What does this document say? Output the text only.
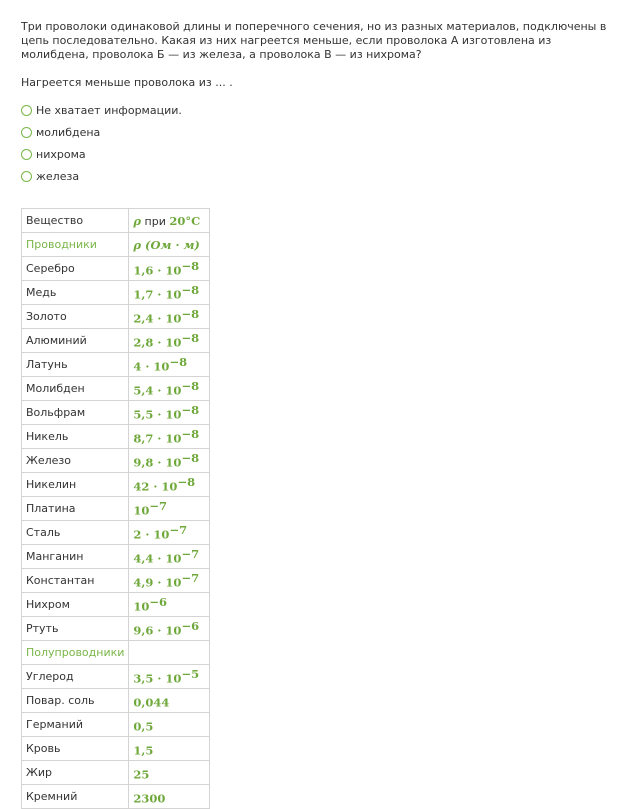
Три проволоки одинаковой длины и поперечного сечения, но из разных материалов, подключены в цепь последовательно. Какая из них нагреется меньше, если проволока А изготовлена из молибдена, проволока Б — из железа, а проволока В — из нихрома?
Нагреется меньше проволока из ... .
Не хватает информации.
молибдена
нихрома
железа
Вещество	ρ при 20°C
Проводники	ρ (Ом · м)
Серебро	$1,6 \cdot 10^{-8}$
Медь	$1,7 \cdot 10^{-8}$
Золото	$2,4 \cdot 10^{-8}$
Алюминий	$2,8 \cdot 10^{-8}$
Латунь	$4 \cdot 10^{-8}$
Молибден	$5,4 \cdot 10^{-8}$
Вольфрам	$5,5 \cdot 10^{-8}$
Никель	$8,7 \cdot 10^{-8}$
Железо	$9,8 \cdot 10^{-8}$
Никелин	$42 \cdot 10^{-8}$
Платина	$10^{-7}$
Сталь	$2 \cdot 10^{-7}$
Манганин	$4,4 \cdot 10^{-7}$
Константан	$4,9 \cdot 10^{-7}$
Нихром	$10^{-6}$
Ртуть	$9,6 \cdot 10^{-6}$
Полупроводники	
Углерод	$3,5 \cdot 10^{-5}$
Повар. соль	0,044
Германий	0,5
Кровь	1,5
Жир	25
Кремний	2300
